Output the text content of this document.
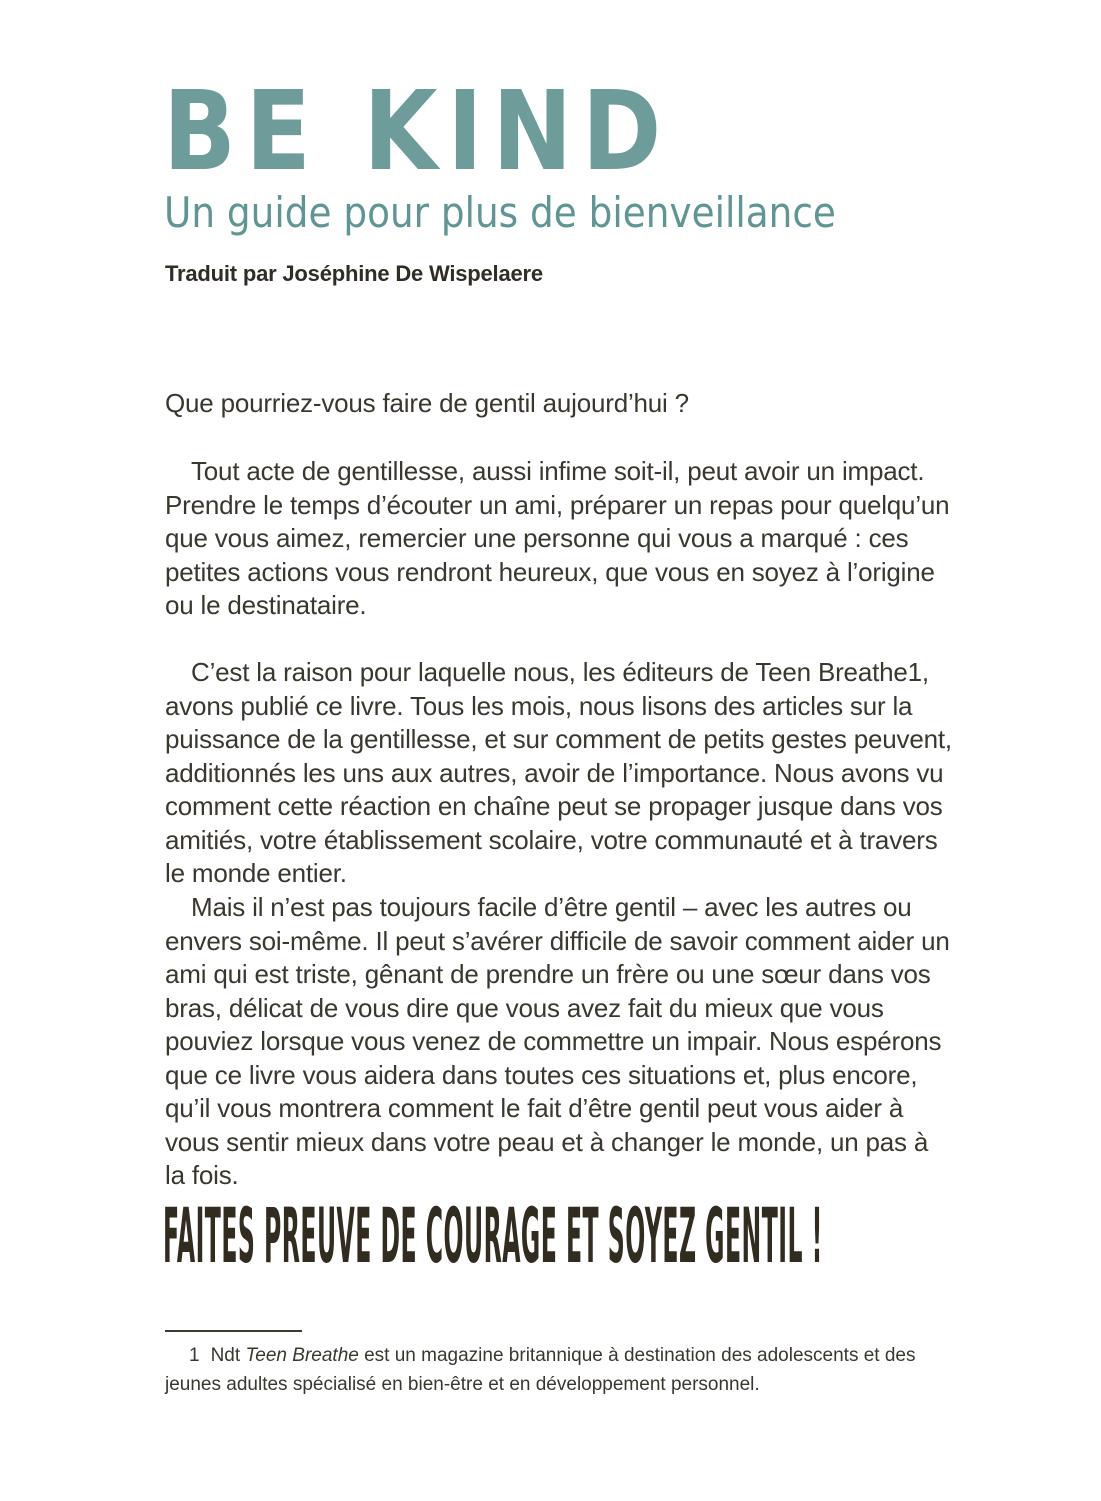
BE KIND
Un guide pour plus de bienveillance
Traduit par Joséphine De Wispelaere

Que pourriez-vous faire de gentil aujourd’hui ?

Tout acte de gentillesse, aussi infime soit-il, peut avoir un impact. Prendre le temps d’écouter un ami, préparer un repas pour quelqu’un que vous aimez, remercier une personne qui vous a marqué : ces petites actions vous rendront heureux, que vous en soyez à l’origine ou le destinataire.

C’est la raison pour laquelle nous, les éditeurs de Teen Breathe1, avons publié ce livre. Tous les mois, nous lisons des articles sur la puissance de la gentillesse, et sur comment de petits gestes peuvent, additionnés les uns aux autres, avoir de l’importance. Nous avons vu comment cette réaction en chaîne peut se propager jusque dans vos amitiés, votre établissement scolaire, votre communauté et à travers le monde entier.

Mais il n’est pas toujours facile d’être gentil – avec les autres ou envers soi-même. Il peut s’avérer difficile de savoir comment aider un ami qui est triste, gênant de prendre un frère ou une sœur dans vos bras, délicat de vous dire que vous avez fait du mieux que vous pouviez lorsque vous venez de commettre un impair. Nous espérons que ce livre vous aidera dans toutes ces situations et, plus encore, qu’il vous montrera comment le fait d’être gentil peut vous aider à vous sentir mieux dans votre peau et à changer le monde, un pas à la fois.

FAITES PREUVE DE COURAGE ET SOYEZ GENTIL !

1 Ndt Teen Breathe est un magazine britannique à destination des adolescents et des jeunes adultes spécialisé en bien-être et en développement personnel.
